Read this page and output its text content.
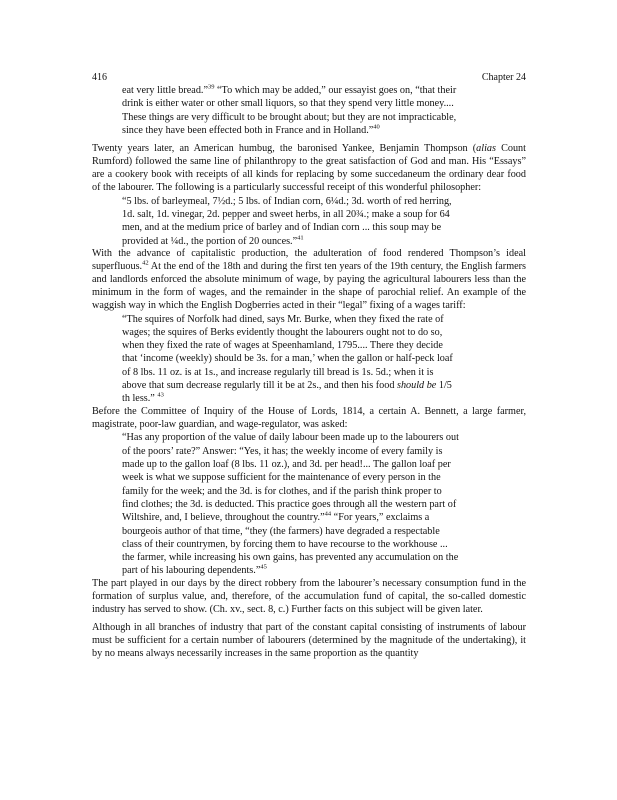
416	Chapter 24
eat very little bread.”$^{39}$ “To which may be added,” our essayist goes on, “that their
drink is either water or other small liquors, so that they spend very little money....
These things are very difficult to be brought about; but they are not impracticable,
since they have been effected both in France and in Holland.”$^{40}$

Twenty years later, an American humbug, the baronised Yankee, Benjamin Thompson (alias Count Rumford) followed the same line of philanthropy to the great satisfaction of God and man. His “Essays” are a cookery book with receipts of all kinds for replacing by some succedaneum the ordinary dear food of the labourer. The following is a particularly successful receipt of this wonderful philosopher:

“5 lbs. of barleymeal, 7½d.; 5 lbs. of Indian corn, 6¼d.; 3d. worth of red herring,
1d. salt, 1d. vinegar, 2d. pepper and sweet herbs, in all 20¾.; make a soup for 64
men, and at the medium price of barley and of Indian corn ... this soup may be
provided at ¼d., the portion of 20 ounces.”$^{41}$

With the advance of capitalistic production, the adulteration of food rendered Thompson’s ideal superfluous.$^{42}$ At the end of the 18th and during the first ten years of the 19th century, the English farmers and landlords enforced the absolute minimum of wage, by paying the agricultural labourers less than the minimum in the form of wages, and the remainder in the shape of parochial relief. An example of the waggish way in which the English Dogberries acted in their “legal” fixing of a wages tariff:

“The squires of Norfolk had dined, says Mr. Burke, when they fixed the rate of
wages; the squires of Berks evidently thought the labourers ought not to do so,
when they fixed the rate of wages at Speenhamland, 1795.... There they decide
that ‘income (weekly) should be 3s. for a man,’ when the gallon or half-peck loaf
of 8 lbs. 11 oz. is at 1s., and increase regularly till bread is 1s. 5d.; when it is
above that sum decrease regularly till it be at 2s., and then his food should be 1/5
th less.” $^{43}$

Before the Committee of Inquiry of the House of Lords, 1814, a certain A. Bennett, a large farmer, magistrate, poor-law guardian, and wage-regulator, was asked:

“Has any proportion of the value of daily labour been made up to the labourers out
of the poors’ rate?” Answer: “Yes, it has; the weekly income of every family is
made up to the gallon loaf (8 lbs. 11 oz.), and 3d. per head!... The gallon loaf per
week is what we suppose sufficient for the maintenance of every person in the
family for the week; and the 3d. is for clothes, and if the parish think proper to
find clothes; the 3d. is deducted. This practice goes through all the western part of
Wiltshire, and, I believe, throughout the country.”$^{44}$ “For years,” exclaims a
bourgeois author of that time, “they (the farmers) have degraded a respectable
class of their countrymen, by forcing them to have recourse to the workhouse ...
the farmer, while increasing his own gains, has prevented any accumulation on the
part of his labouring dependents.”$^{45}$

The part played in our days by the direct robbery from the labourer’s necessary consumption fund in the formation of surplus value, and, therefore, of the accumulation fund of capital, the so-called domestic industry has served to show. (Ch. xv., sect. 8, c.) Further facts on this subject will be given later.

Although in all branches of industry that part of the constant capital consisting of instruments of labour must be sufficient for a certain number of labourers (determined by the magnitude of the undertaking), it by no means always necessarily increases in the same proportion as the quantity
